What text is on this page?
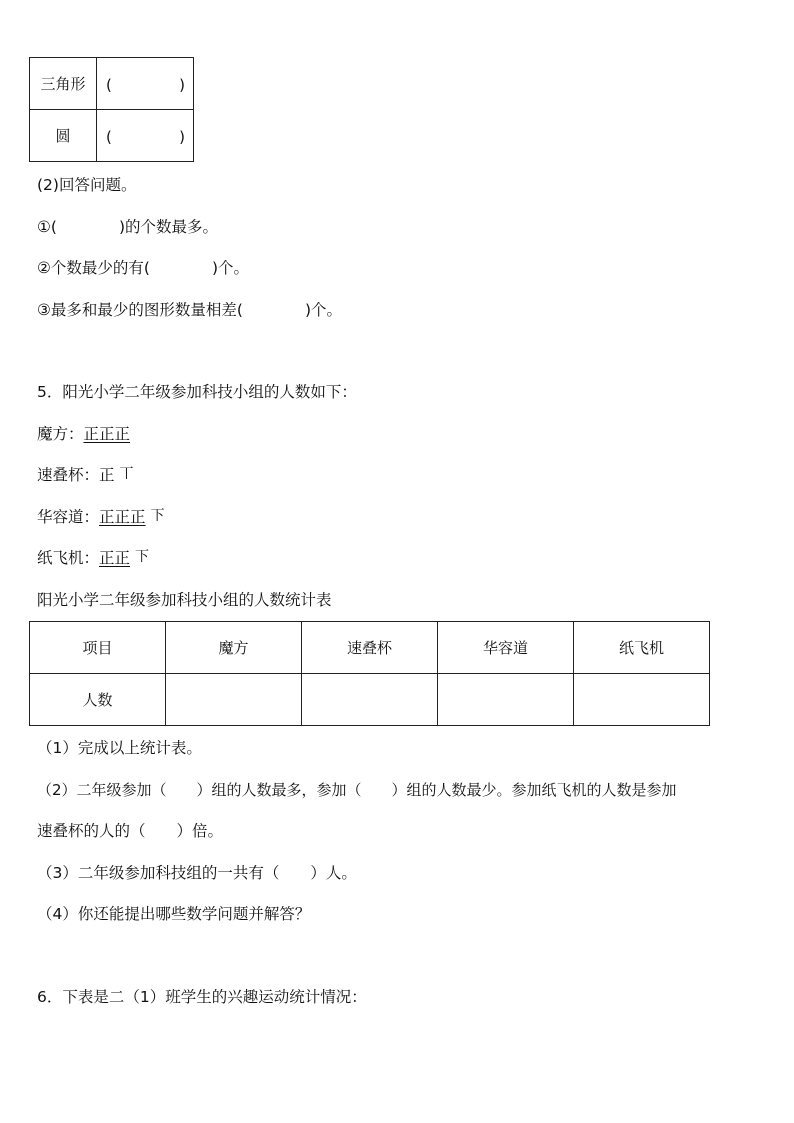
三角形	( )

圆	( )
(2)回答问题。
①(　　　　)的个数最多。
②个数最少的有(　　　　)个。
③最多和最少的图形数量相差(　　　　)个。
5．阳光小学二年级参加科技小组的人数如下：
魔方：正正正
速叠杯：正 丅
华容道：正正正 下
纸飞机：正正 下
阳光小学二年级参加科技小组的人数统计表
项目	魔方	速叠杯	华容道	纸飞机
人数				
（1）完成以上统计表。
（2）二年级参加（　　）组的人数最多，参加（　　）组的人数最少。参加纸飞机的人数是参加
速叠杯的人的（　　）倍。
（3）二年级参加科技组的一共有（　　）人。
（4）你还能提出哪些数学问题并解答？
6．下表是二（1）班学生的兴趣运动统计情况：
